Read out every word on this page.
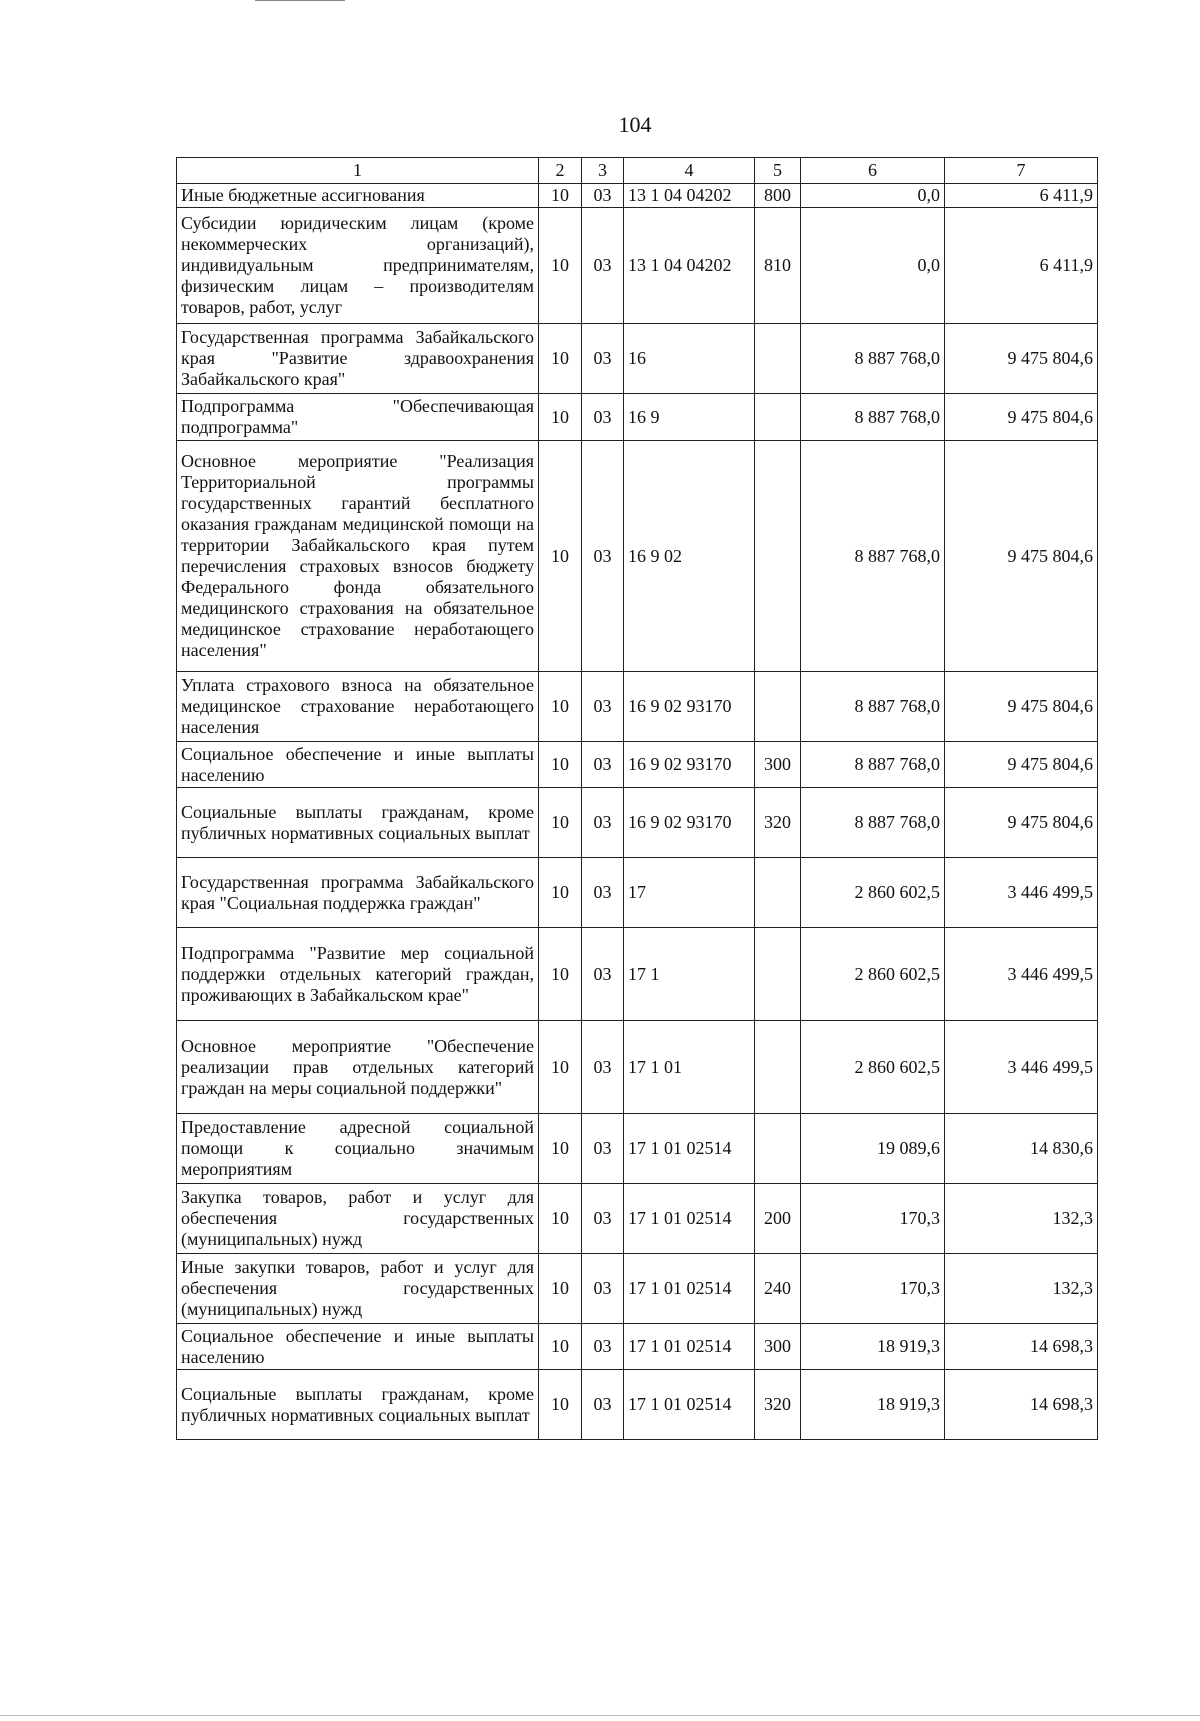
104
1	2	3	4	5	6	7
Иные бюджетные ассигнования	10	03	13 1 04 04202	800	0,0	6 411,9
Субсидии юридическим лицам (кроме некоммерческих организаций), индивидуальным предпринимателям, физическим лицам – производителям товаров, работ, услуг	10	03	13 1 04 04202	810	0,0	6 411,9
Государственная программа Забайкальского края "Развитие здравоохранения Забайкальского края"	10	03	16		8 887 768,0	9 475 804,6
Подпрограмма "Обеспечивающая подпрограмма"	10	03	16 9		8 887 768,0	9 475 804,6
Основное мероприятие "Реализация Территориальной программы государственных гарантий бесплатного оказания гражданам медицинской помощи на территории Забайкальского края путем перечисления страховых взносов бюджету Федерального фонда обязательного медицинского страхования на обязательное медицинское страхование неработающего населения"	10	03	16 9 02		8 887 768,0	9 475 804,6
Уплата страхового взноса на обязательное медицинское страхование неработающего населения	10	03	16 9 02 93170		8 887 768,0	9 475 804,6
Социальное обеспечение и иные выплаты населению	10	03	16 9 02 93170	300	8 887 768,0	9 475 804,6
Социальные выплаты гражданам, кроме публичных нормативных социальных выплат	10	03	16 9 02 93170	320	8 887 768,0	9 475 804,6
Государственная программа Забайкальского края "Социальная поддержка граждан"	10	03	17		2 860 602,5	3 446 499,5
Подпрограмма "Развитие мер социальной поддержки отдельных категорий граждан, проживающих в Забайкальском крае"	10	03	17 1		2 860 602,5	3 446 499,5
Основное мероприятие "Обеспечение реализации прав отдельных категорий граждан на меры социальной поддержки"	10	03	17 1 01		2 860 602,5	3 446 499,5
Предоставление адресной социальной помощи к социально значимым мероприятиям	10	03	17 1 01 02514		19 089,6	14 830,6
Закупка товаров, работ и услуг для обеспечения государственных (муниципальных) нужд	10	03	17 1 01 02514	200	170,3	132,3
Иные закупки товаров, работ и услуг для обеспечения государственных (муниципальных) нужд	10	03	17 1 01 02514	240	170,3	132,3
Социальное обеспечение и иные выплаты населению	10	03	17 1 01 02514	300	18 919,3	14 698,3
Социальные выплаты гражданам, кроме публичных нормативных социальных выплат	10	03	17 1 01 02514	320	18 919,3	14 698,3
